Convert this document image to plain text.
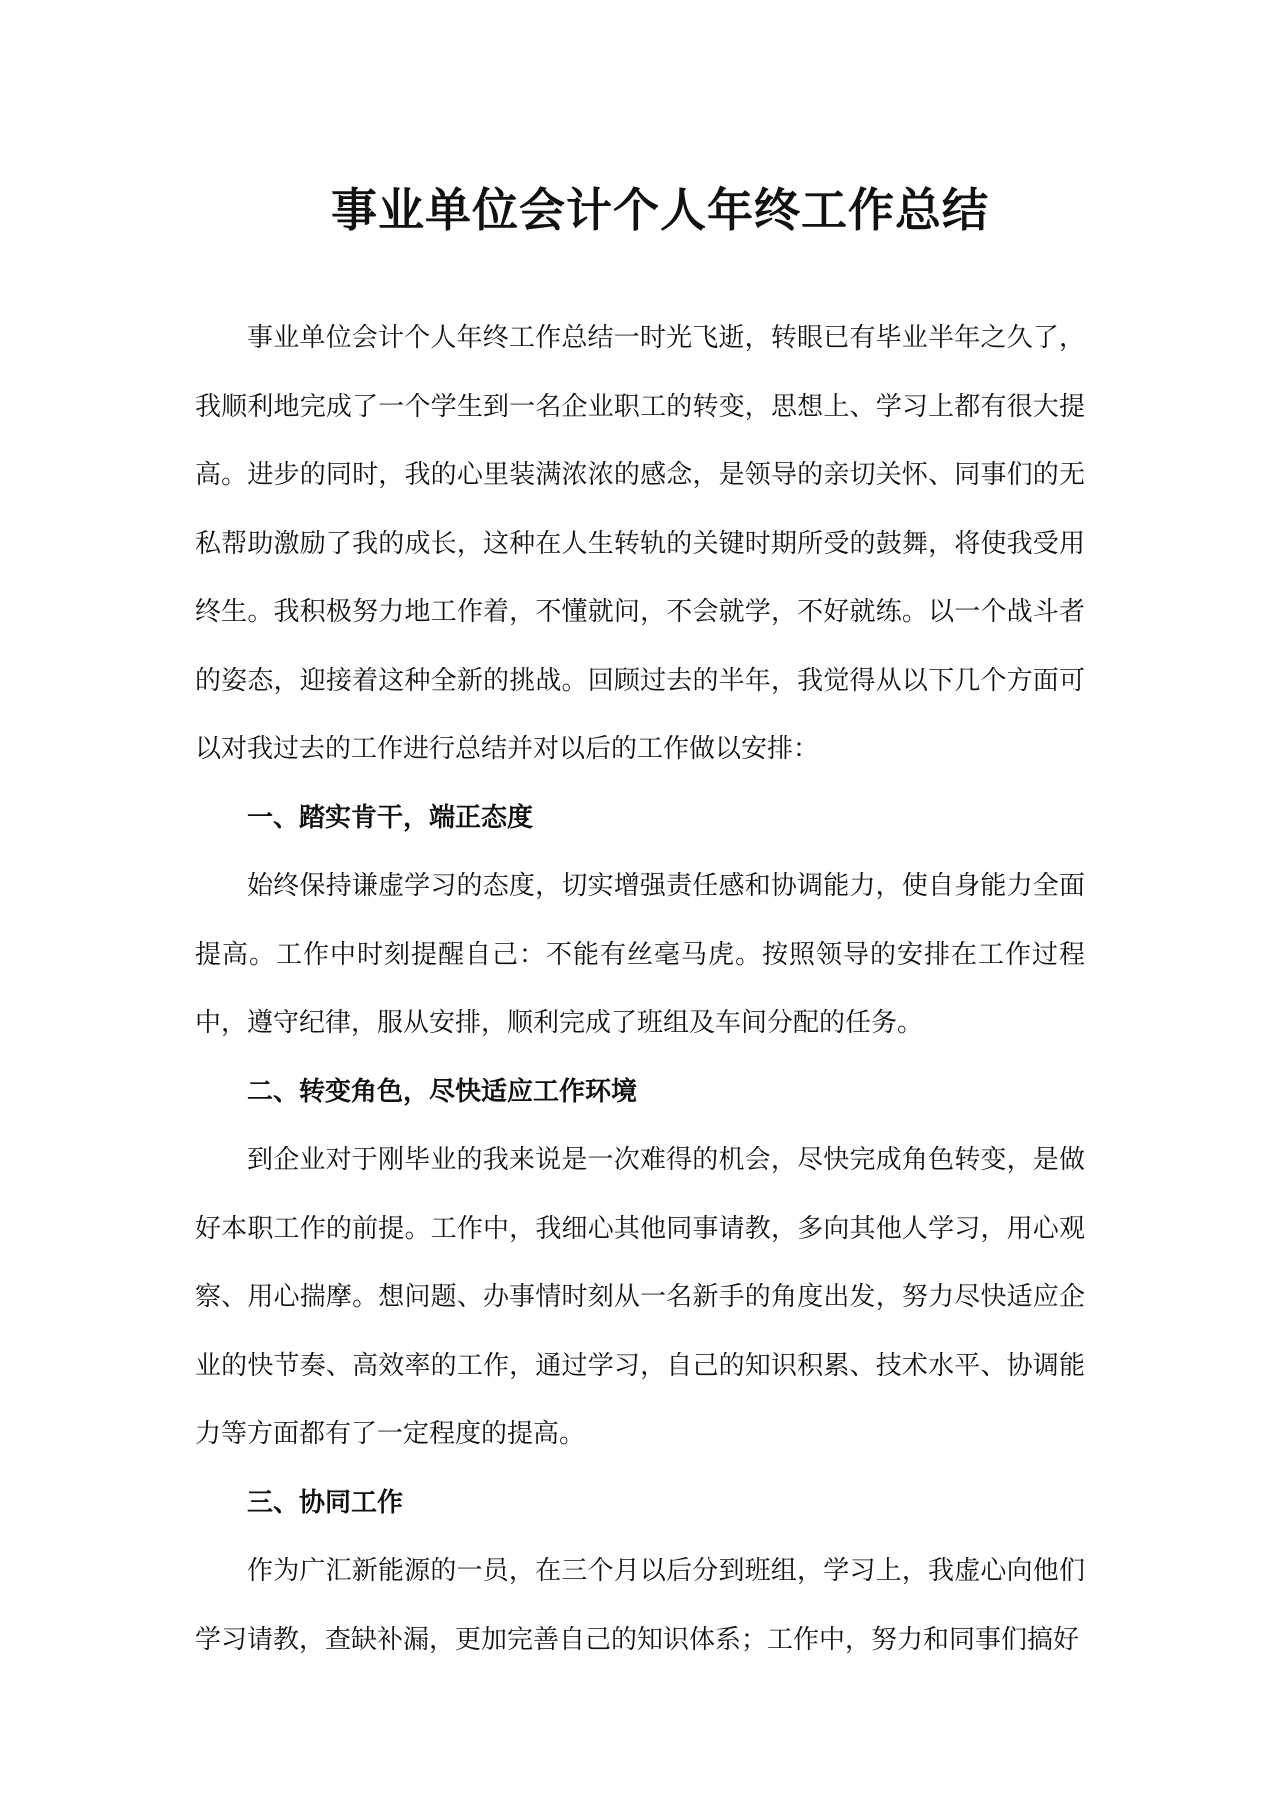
事业单位会计个人年终工作总结

事业单位会计个人年终工作总结一时光飞逝，转眼已有毕业半年之久了，我顺利地完成了一个学生到一名企业职工的转变，思想上、学习上都有很大提高。进步的同时，我的心里装满浓浓的感念，是领导的亲切关怀、同事们的无私帮助激励了我的成长，这种在人生转轨的关键时期所受的鼓舞，将使我受用终生。我积极努力地工作着，不懂就问，不会就学，不好就练。以一个战斗者的姿态，迎接着这种全新的挑战。回顾过去的半年，我觉得从以下几个方面可以对我过去的工作进行总结并对以后的工作做以安排：

一、踏实肯干，端正态度

始终保持谦虚学习的态度，切实增强责任感和协调能力，使自身能力全面提高。工作中时刻提醒自己：不能有丝毫马虎。按照领导的安排在工作过程中，遵守纪律，服从安排，顺利完成了班组及车间分配的任务。

二、转变角色，尽快适应工作环境

到企业对于刚毕业的我来说是一次难得的机会，尽快完成角色转变，是做好本职工作的前提。工作中，我细心其他同事请教，多向其他人学习，用心观察、用心揣摩。想问题、办事情时刻从一名新手的角度出发，努力尽快适应企业的快节奏、高效率的工作，通过学习，自己的知识积累、技术水平、协调能力等方面都有了一定程度的提高。

三、协同工作

作为广汇新能源的一员，在三个月以后分到班组，学习上，我虚心向他们学习请教，查缺补漏，更加完善自己的知识体系；工作中，努力和同事们搞好
